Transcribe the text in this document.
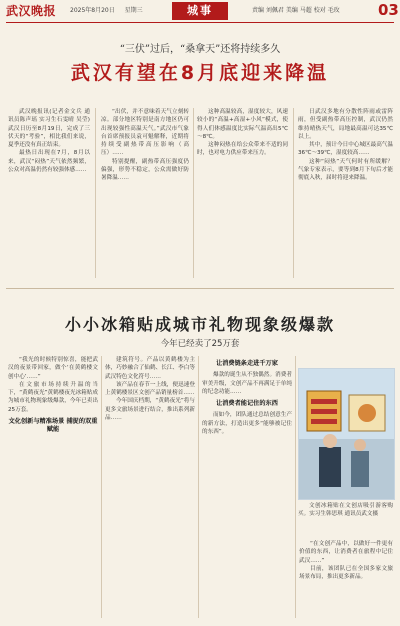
武汉晚报 2025年8月20日 星期三	城事	责编 刘佩君 美编 马超 校对 毛玫	03
“三伏”过后，“桑拿天”还将持续多久
武汉有望在8月底迎来降温

武汉晚报讯(记者金文兵 通讯员陈声瑶 实习生石雯晴 吴莹)武汉日历至8月19日，完成了三伏天的“考验”，相比我们来说，夏季还没有真正结束。

最热日出现在7月，8月以来，武汉“闷热”天气依然频繁，公众对高温仍然有较强体感……

“出伏，并不意味着天气立刻转凉。部分地区特别是南方地区仍可出现较强性高温天气。”武汉市气象台首席预报员袁可魁解释，近期将持续受副热带高压影响（高压）……

特别提醒，副热带高压强度仍偏强，形势不稳定，公众需做好防暑降温……

这种高温较高，湿度较大，风速较小的“高温+高湿+小风”模式，使得人们体感温度比实际气温高出5℃～8℃。

这种闷热在给公众带来不适的同时，也对电力供应带来压力。

日武汉多地有分散性阵雨或雷阵雨，但受副热带高压控制，武汉仍然维持晴热天气，局地最高温可达35℃以上。

其中，预计今日中心城区最高气温36℃～39℃，湿度较高……

这种“闷热”天气何时有所缓解？气象专家表示，要等到8月下旬后才能彻底入秋，届时将迎来降温。

小小冰箱贴成城市礼物现象级爆款
今年已经卖了25万套

“我光的时候特别惊喜，能把武汉的夜景带回家，做个‘在黄鹤楼文创中心’……”

在文旅市场持续升温的当下，“黄鹤夜光”黄鹤楼夜光冰箱贴成为城市礼物现象级爆款，今年已卖出25万套。

文化创新与精准场景 捕捉的双重赋能

建筑符号。产品以黄鹤楼为主体，巧妙融合了仙鹤、长江、李白等武汉特色文化符号……

该产品在春节一上线，便迅速登上黄鹤楼景区文创产品销量榜首……

今年国庆档期，“黄鹤夜光”将与更多文旅场景进行结合，推出系列新品……

让消费链条走进千万家

爆款的诞生从不独偶然。消费者审美升级，文创产品不再满足于单纯的纪念功能……

让消费者能记住的东西

而如今，团队通过总结创意生产的新方法，打造出更多“能够被记住的东西”。

文创冰箱贴在文创店吸引游客购买。实习生韩思琪 通讯员武文摄

“在文创产品中，以做好一件更有价值的东西，让消费者在旅程中记住武汉……”

目前，该团队已在全国多家文旅场景布局，推出更多新品。
